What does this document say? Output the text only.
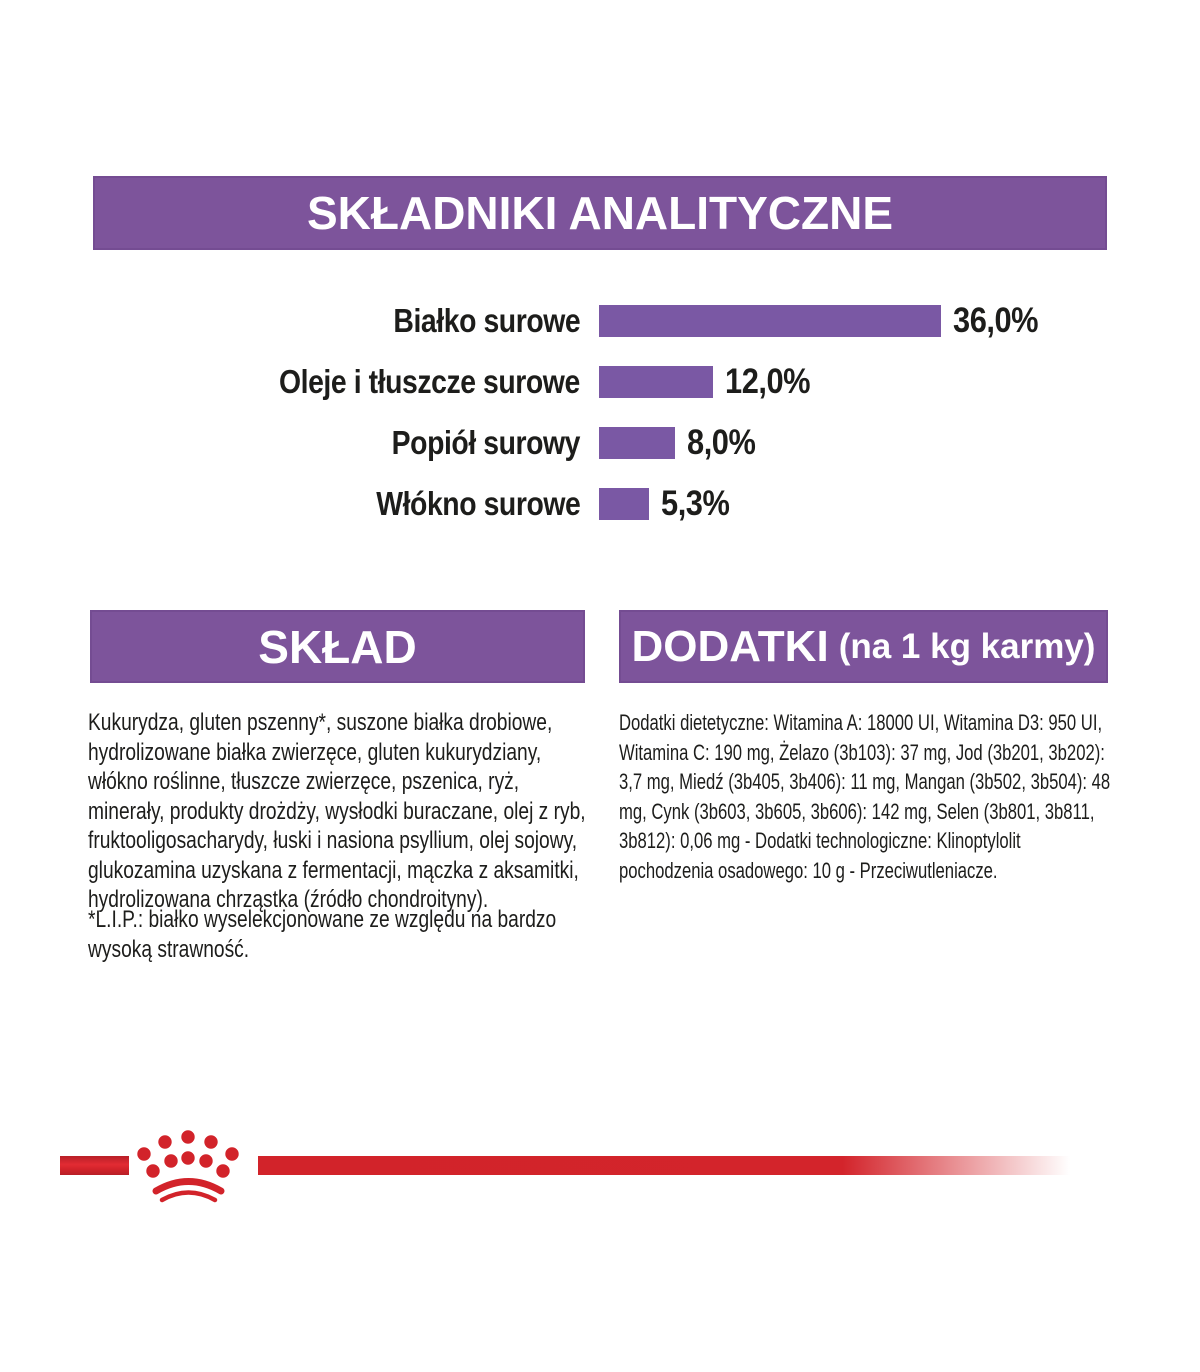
SKŁADNIKI ANALITYCZNE
Białko surowe	36,0%
Oleje i tłuszcze surowe	12,0%
Popiół surowy	8,0%
Włókno surowe 5,3%
SKŁAD	DODATKI (na 1 kg karmy)
Kukurydza, gluten pszenny*, suszone białka drobiowe, hydrolizowane białka zwierzęce, gluten kukurydziany, włókno roślinne, tłuszcze zwierzęce, pszenica, ryż, minerały, produkty drożdży, wysłodki buraczane, olej z ryb, fruktooligosacharydy, łuski i nasiona psyllium, olej sojowy, glukozamina uzyskana z fermentacji, mączka z aksamitki, hydrolizowana chrząstka (źródło chondroityny).
*L.I.P.: białko wyselekcjonowane ze względu na bardzo wysoką strawność.
Dodatki dietetyczne: Witamina A: 18000 UI, Witamina D3: 950 UI, Witamina C: 190 mg, Żelazo (3b103): 37 mg, Jod (3b201, 3b202): 3,7 mg, Miedź (3b405, 3b406): 11 mg, Mangan (3b502, 3b504): 48 mg, Cynk (3b603, 3b605, 3b606): 142 mg, Selen (3b801, 3b811, 3b812): 0,06 mg - Dodatki technologiczne: Klinoptylolit pochodzenia osadowego: 10 g - Przeciwutleniacze.
